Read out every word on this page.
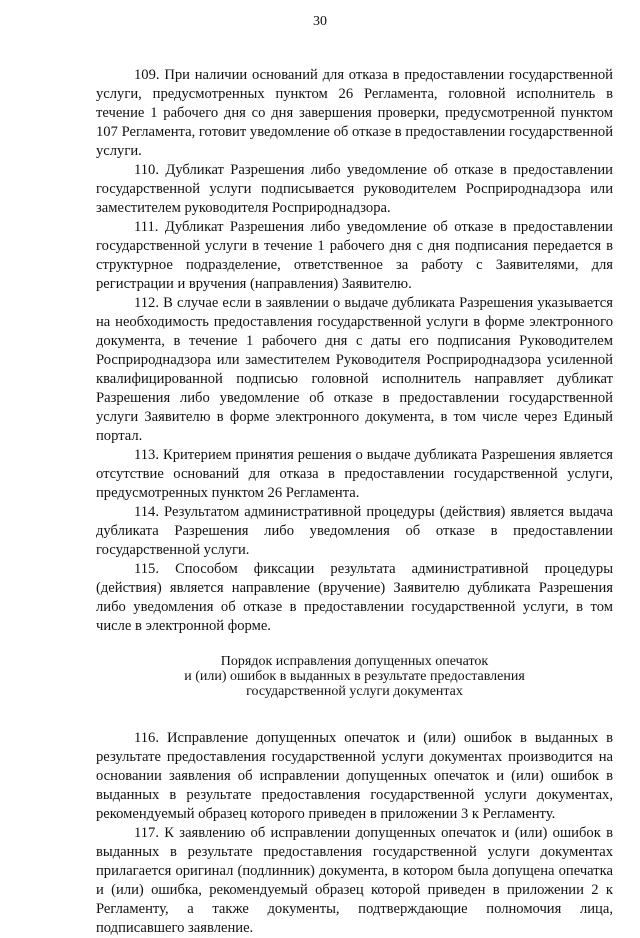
30

109. При наличии оснований для отказа в предоставлении государственной услуги, предусмотренных пунктом 26 Регламента, головной исполнитель в течение 1 рабочего дня со дня завершения проверки, предусмотренной пунктом 107 Регламента, готовит уведомление об отказе в предоставлении государственной услуги.

110. Дубликат Разрешения либо уведомление об отказе в предоставлении государственной услуги подписывается руководителем Росприроднадзора или заместителем руководителя Росприроднадзора.

111. Дубликат Разрешения либо уведомление об отказе в предоставлении государственной услуги в течение 1 рабочего дня с дня подписания передается в структурное подразделение, ответственное за работу с Заявителями, для регистрации и вручения (направления) Заявителю.

112. В случае если в заявлении о выдаче дубликата Разрешения указывается на необходимость предоставления государственной услуги в форме электронного документа, в течение 1 рабочего дня с даты его подписания Руководителем Росприроднадзора или заместителем Руководителя Росприроднадзора усиленной квалифицированной подписью головной исполнитель направляет дубликат Разрешения либо уведомление об отказе в предоставлении государственной услуги Заявителю в форме электронного документа, в том числе через Единый портал.

113. Критерием принятия решения о выдаче дубликата Разрешения является отсутствие оснований для отказа в предоставлении государственной услуги, предусмотренных пунктом 26 Регламента.

114. Результатом административной процедуры (действия) является выдача дубликата Разрешения либо уведомления об отказе в предоставлении государственной услуги.

115. Способом фиксации результата административной процедуры (действия) является направление (вручение) Заявителю дубликата Разрешения либо уведомления об отказе в предоставлении государственной услуги, в том числе в электронной форме.

Порядок исправления допущенных опечаток
и (или) ошибок в выданных в результате предоставления
государственной услуги документах

116. Исправление допущенных опечаток и (или) ошибок в выданных в результате предоставления государственной услуги документах производится на основании заявления об исправлении допущенных опечаток и (или) ошибок в выданных в результате предоставления государственной услуги документах, рекомендуемый образец которого приведен в приложении 3 к Регламенту.

117. К заявлению об исправлении допущенных опечаток и (или) ошибок в выданных в результате предоставления государственной услуги документах прилагается оригинал (подлинник) документа, в котором была допущена опечатка и (или) ошибка, рекомендуемый образец которой приведен в приложении 2 к Регламенту, а также документы, подтверждающие полномочия лица, подписавшего заявление.
